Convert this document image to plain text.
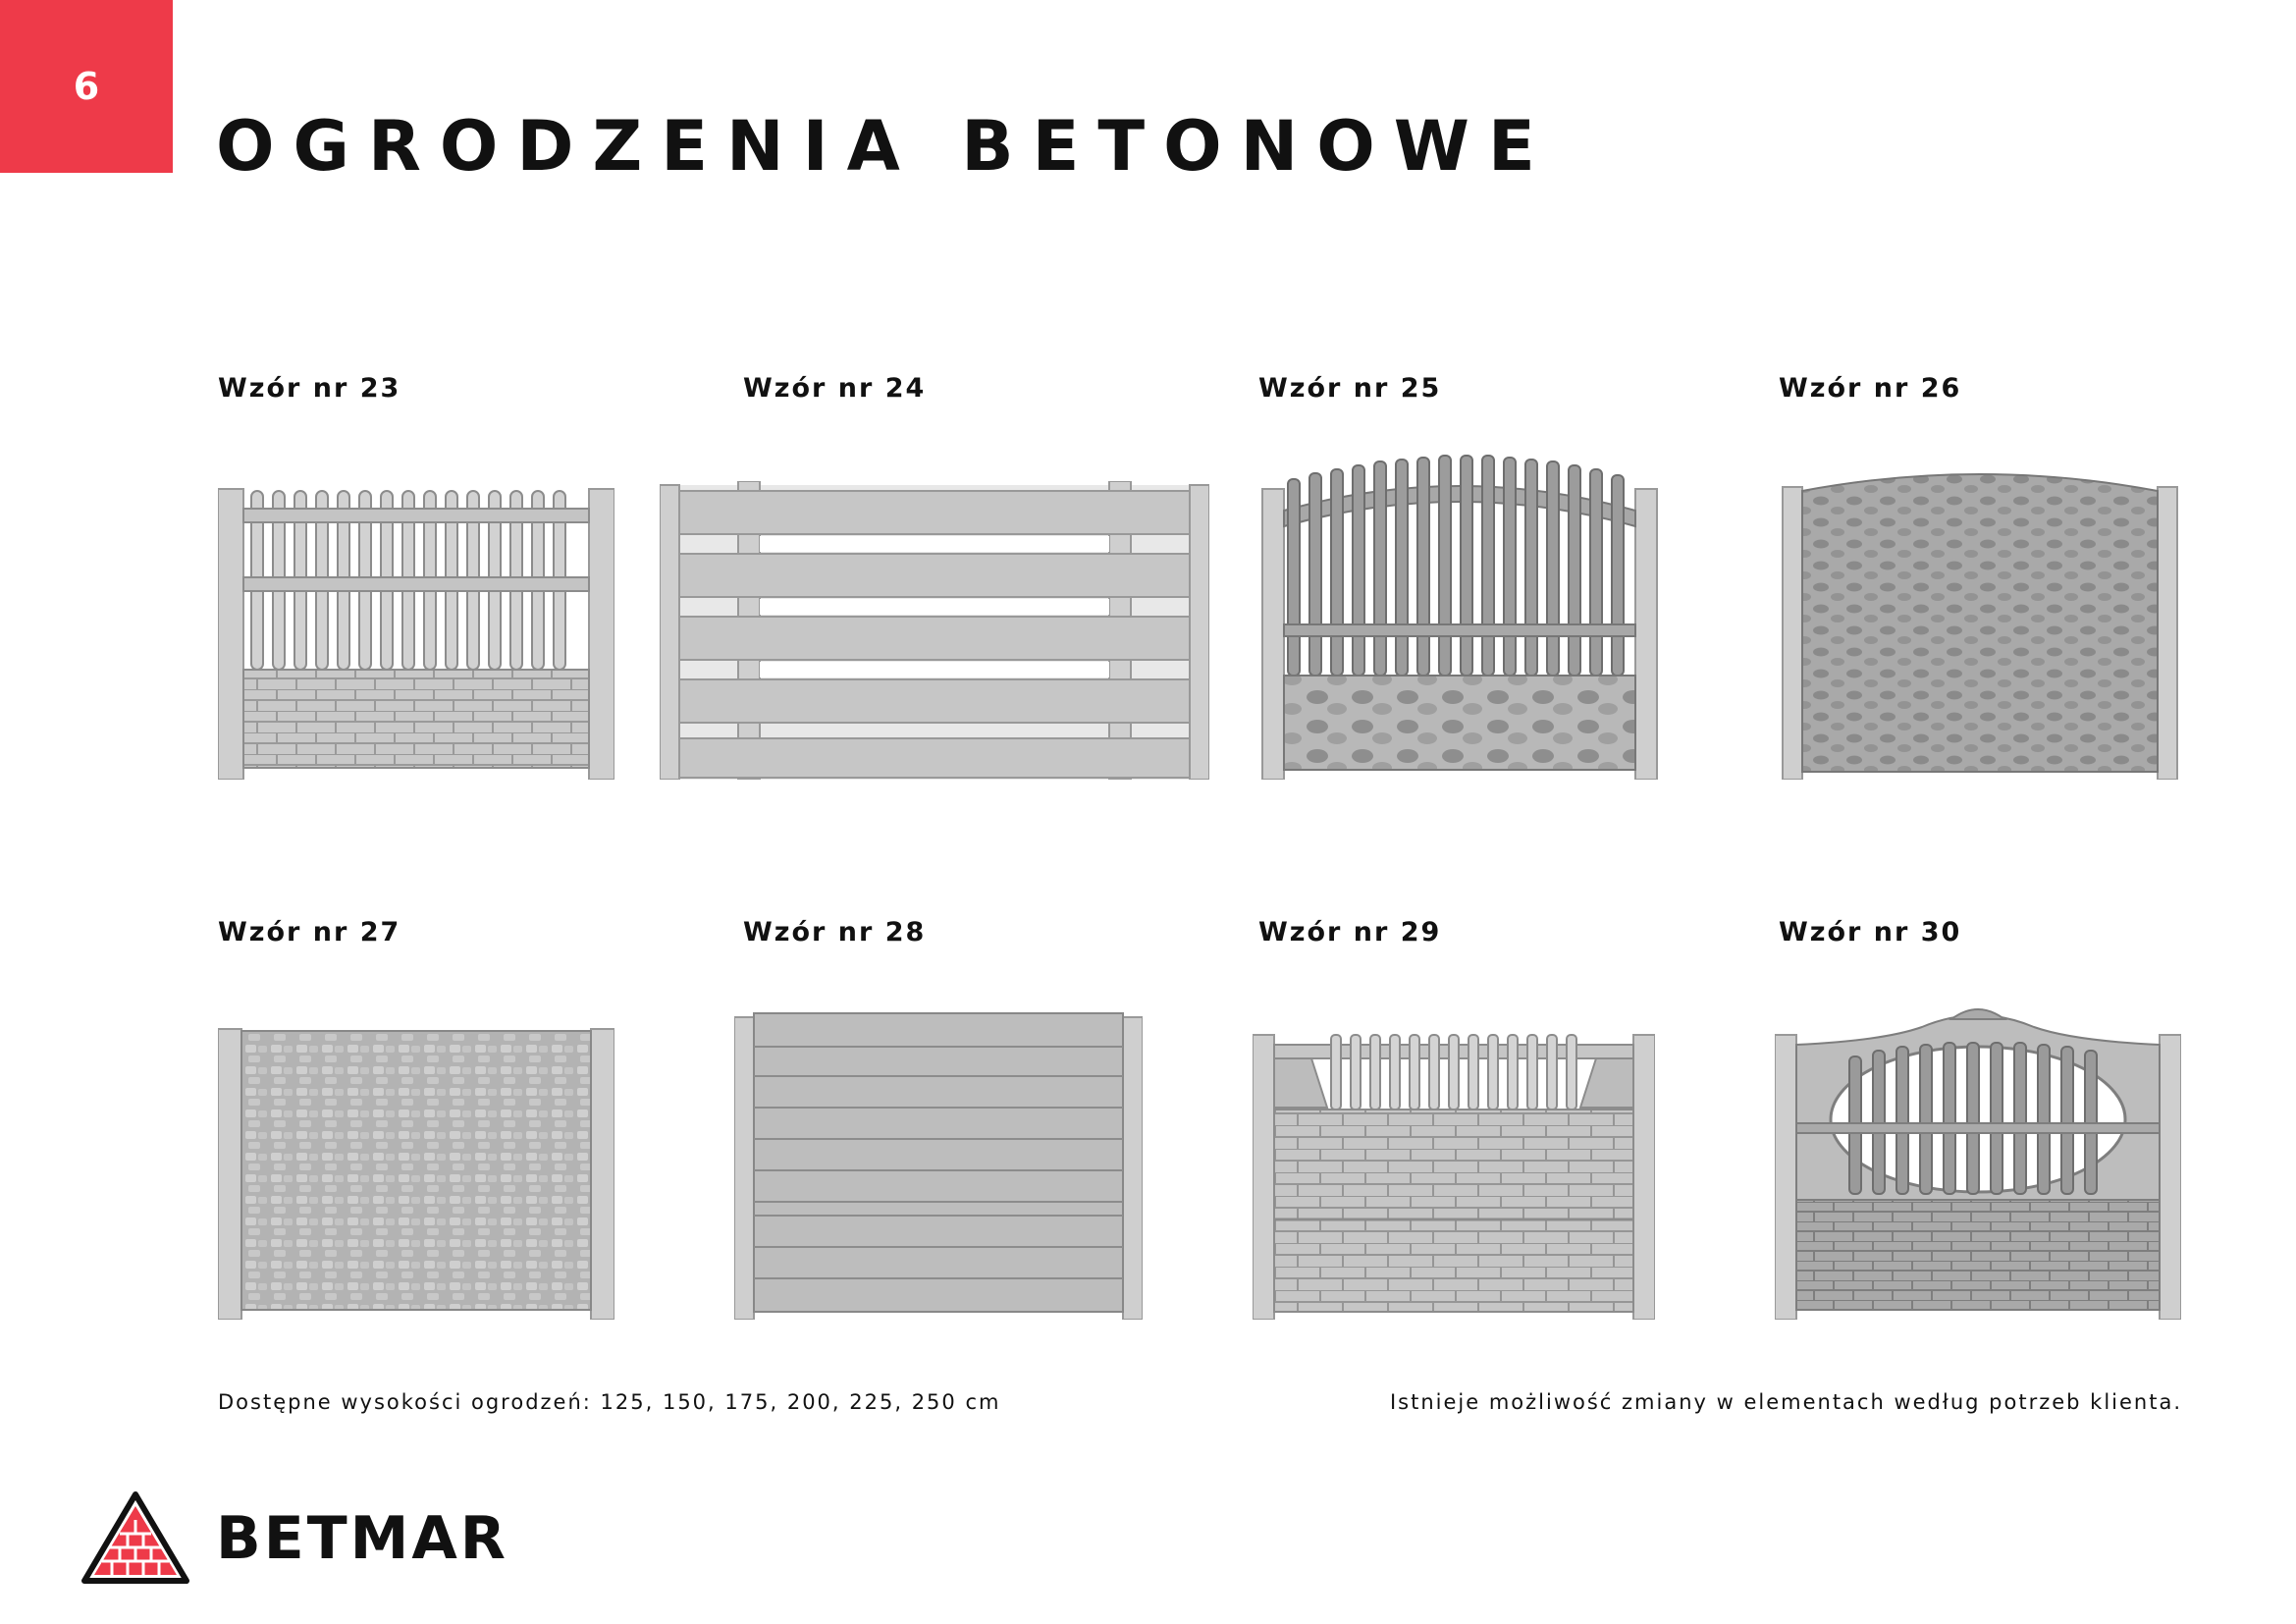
6
OGRODZENIA BETONOWE
Wzór nr 23	Wzór nr 24	Wzór nr 25	Wzór nr 26
Wzór nr 27	Wzór nr 28	Wzór nr 29	Wzór nr 30
Dostępne wysokości ogrodzeń: 125, 150, 175, 200, 225, 250 cm	Istnieje możliwość zmiany w elementach według potrzeb klienta.
BETMAR
